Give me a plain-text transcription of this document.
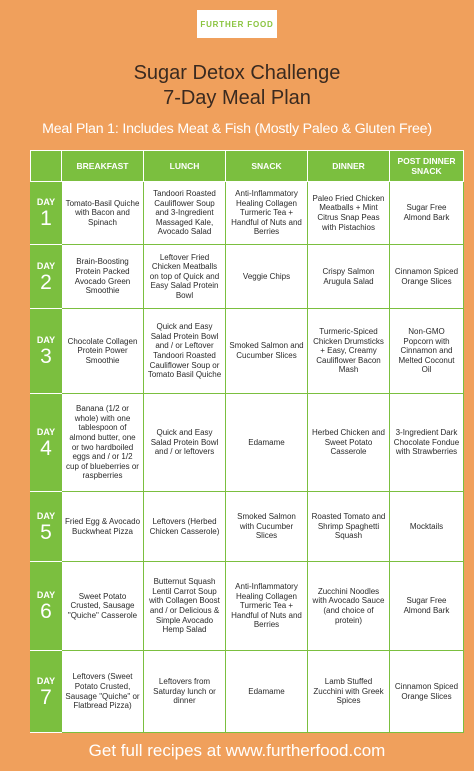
FURTHER FOOD
Sugar Detox Challenge
7-Day Meal Plan
Meal Plan 1: Includes Meat & Fish (Mostly Paleo & Gluten Free)
	BREAKFAST	LUNCH	SNACK	DINNER	POST DINNER SNACK

DAY
1	Tomato-Basil Quiche with Bacon and Spinach	Tandoori Roasted Cauliflower Soup and 3-Ingredient Massaged Kale, Avocado Salad	Anti-Inflammatory Healing Collagen Turmeric Tea + Handful of Nuts and Berries	Paleo Fried Chicken Meatballs + Mint Citrus Snap Peas with Pistachios	Sugar Free Almond Bark

DAY
2	Brain-Boosting Protein Packed Avocado Green Smoothie	Leftover Fried Chicken Meatballs on top of Quick and Easy Salad Protein Bowl	Veggie Chips	Crispy Salmon Arugula Salad	Cinnamon Spiced Orange Slices

DAY
3	Chocolate Collagen Protein Power Smoothie	Quick and Easy Salad Protein Bowl and / or Leftover Tandoori Roasted Cauliflower Soup or Tomato Basil Quiche	Smoked Salmon and Cucumber Slices	Turmeric-Spiced Chicken Drumsticks + Easy, Creamy Cauliflower Bacon Mash	Non-GMO Popcorn with Cinnamon and Melted Coconut Oil

DAY
4	Banana (1/2 or whole) with one tablespoon of almond butter, one or two hardboiled eggs and / or 1/2 cup of blueberries or raspberries	Quick and Easy Salad Protein Bowl and / or leftovers	Edamame	Herbed Chicken and Sweet Potato Casserole	3-Ingredient Dark Chocolate Fondue with Strawberries

DAY
5	Fried Egg & Avocado Buckwheat Pizza	Leftovers (Herbed Chicken Casserole)	Smoked Salmon with Cucumber Slices	Roasted Tomato and Shrimp Spaghetti Squash	Mocktails

DAY
6	Sweet Potato Crusted, Sausage "Quiche" Casserole	Butternut Squash Lentil Carrot Soup with Collagen Boost and / or Delicious & Simple Avocado Hemp Salad	Anti-Inflammatory Healing Collagen Turmeric Tea + Handful of Nuts and Berries	Zucchini Noodles with Avocado Sauce (and choice of protein)	Sugar Free Almond Bark

DAY
7	Leftovers (Sweet Potato Crusted, Sausage "Quiche" or Flatbread Pizza)	Leftovers from Saturday lunch or dinner	Edamame	Lamb Stuffed Zucchini with Greek Spices	Cinnamon Spiced Orange Slices
Get full recipes at www.furtherfood.com
